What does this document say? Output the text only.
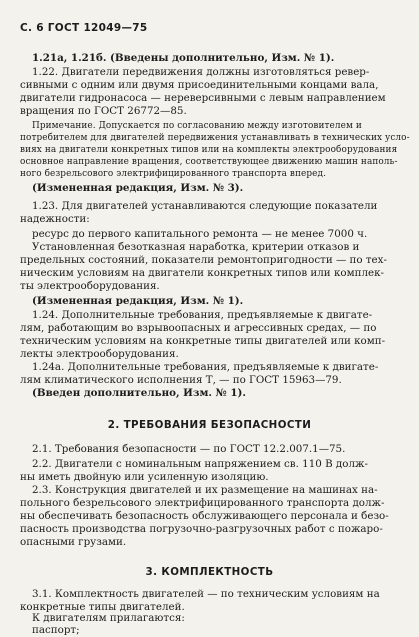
С. 6 ГОСТ 12049—75
1.21а, 1.21б. (Введены дополнительно, Изм. № 1).
1.22. Двигатели передвижения должны изготовляться ревер-
сивными с одним или двумя присоединительными концами вала,
двигатели гидронасоса — нереверсивными с левым направлением
вращения по ГОСТ 26772—85.
Примечание. Допускается по согласованию между изготовителем и
потребителем для двигателей передвижения устанавливать в технических усло-
виях на двигатели конкретных типов или на комплекты электрооборудования
основное направление вращения, соответствующее движению машин наполь-
ного безрельсового электрифицированного транспорта вперед.
(Измененная редакция, Изм. № 3).
1.23. Для двигателей устанавливаются следующие показатели
надежности:
ресурс до первого капитального ремонта — не менее 7000 ч.
Установленная безотказная наработка, критерии отказов и
предельных состояний, показатели ремонтопригодности — по тех-
ническим условиям на двигатели конкретных типов или комплек-
ты электрооборудования.
(Измененная редакция, Изм. № 1).
1.24. Дополнительные требования, предъявляемые к двигате-
лям, работающим во взрывоопасных и агрессивных средах, — по
техническим условиям на конкретные типы двигателей или комп-
лекты электрооборудования.
1.24а. Дополнительные требования, предъявляемые к двигате-
лям климатического исполнения Т, — по ГОСТ 15963—79.
(Введен дополнительно, Изм. № 1).
2. ТРЕБОВАНИЯ БЕЗОПАСНОСТИ
2.1. Требования безопасности — по ГОСТ 12.2.007.1—75.
2.2. Двигатели с номинальным напряжением св. 110 В долж-
ны иметь двойную или усиленную изоляцию.
2.3. Конструкция двигателей и их размещение на машинах на-
польного безрельсового электрифицированного транспорта долж-
ны обеспечивать безопасность обслуживающего персонала и безо-
пасность производства погрузочно-разгрузочных работ с пожаро-
опасными грузами.
3. КОМПЛЕКТНОСТЬ
3.1. Комплектность двигателей — по техническим условиям на
конкретные типы двигателей.
К двигателям прилагаются:
паспорт;
